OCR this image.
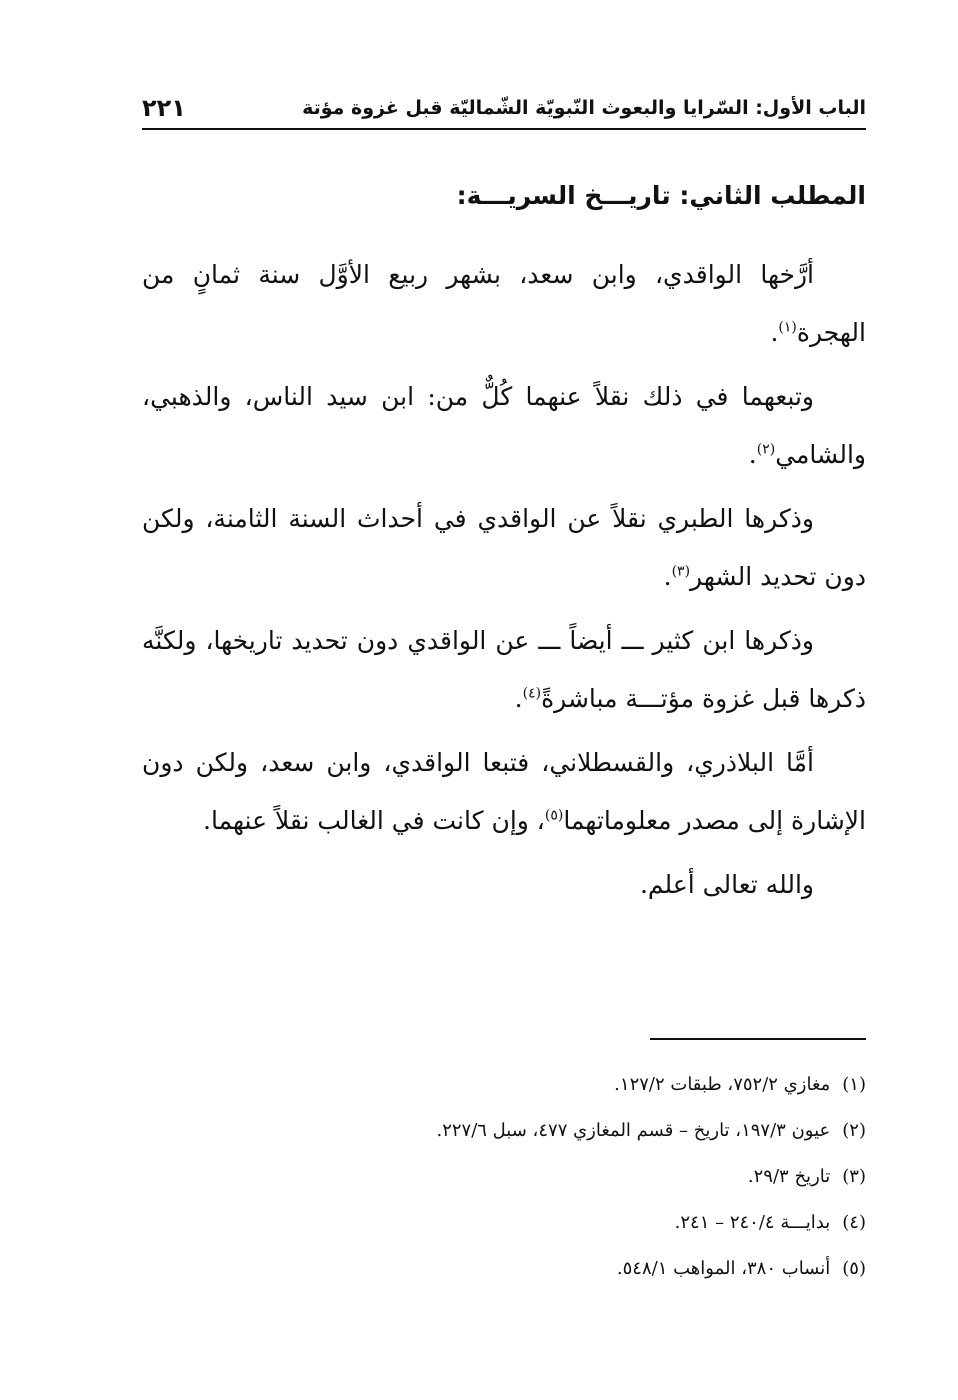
الباب الأول: السّرايا والبعوث النّبويّة الشّماليّة قبل غزوة مؤتة
٢٢١

المطلب الثاني: تاريـــخ السريـــة:

أرَّخها الواقدي، وابن سعد، بشهر ربيع الأوَّل سنة ثمانٍ من الهجرة$^{(١)}$.

وتبعهما في ذلك نقلاً عنهما كُلٌّ من: ابن سيد الناس، والذهبي، والشامي$^{(٢)}$.

وذكرها الطبري نقلاً عن الواقدي في أحداث السنة الثامنة، ولكن دون تحديد الشهر$^{(٣)}$.

وذكرها ابن كثير ـــ أيضاً ـــ عن الواقدي دون تحديد تاريخها، ولكنَّه ذكرها قبل غزوة مؤتـــة مباشرةً$^{(٤)}$.

أمَّا البلاذري، والقسطلاني، فتبعا الواقدي، وابن سعد، ولكن دون الإشارة إلى مصدر معلوماتهما$^{(٥)}$، وإن كانت في الغالب نقلاً عنهما.

والله تعالى أعلم.

(١)مغازي ٧٥٢/٢، طبقات ١٢٧/٢.

(٢)عيون ١٩٧/٣، تاريخ – قسم المغازي ٤٧٧، سبل ٢٢٧/٦.

(٣)تاريخ ٢٩/٣.

(٤)بدايـــة ٢٤٠/٤ – ٢٤١.

(٥)أنساب ٣٨٠، المواهب ٥٤٨/١.
